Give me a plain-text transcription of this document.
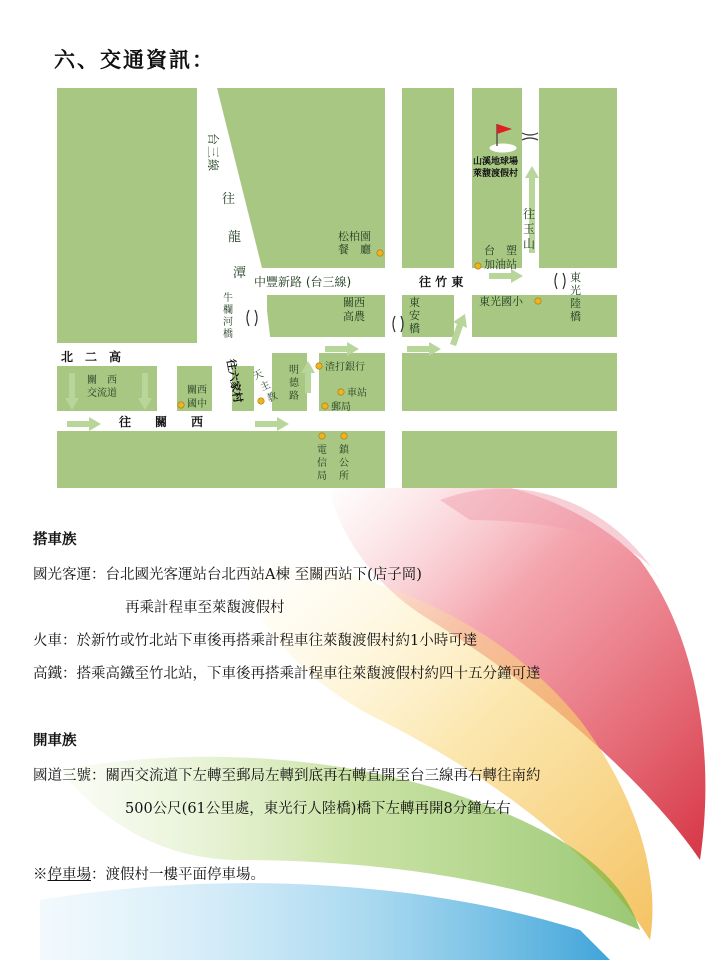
六、交通資訊：
台三線
往
龍
潭
中豐新路 (台三線)	往 竹 東
往
玉
山
山溪地球場
萊馥渡假村
松柏園
餐　廳	台　塑
加油站
東
光
陸
橋
東光國小
關西
高農
東
安
橋
牛
欄
河
橋
北　二　高
關　西
交流道	關西
國中
往六家村 天
主
教
明
德
路
渣打銀行
車站
郵局
往　　關　　西
電
信
局
鎮
公
所
搭車族
國光客運：台北國光客運站台北西站A棟 至關西站下(店子岡)
再乘計程車至萊馥渡假村
火車：於新竹或竹北站下車後再搭乘計程車往萊馥渡假村約1小時可達
高鐵：搭乘高鐵至竹北站，下車後再搭乘計程車往萊馥渡假村約四十五分鐘可達
開車族
國道三號：關西交流道下左轉至郵局左轉到底再右轉直開至台三線再右轉往南約
500公尺(61公里處，東光行人陸橋)橋下左轉再開8分鐘左右
※停車場：渡假村一樓平面停車場。
